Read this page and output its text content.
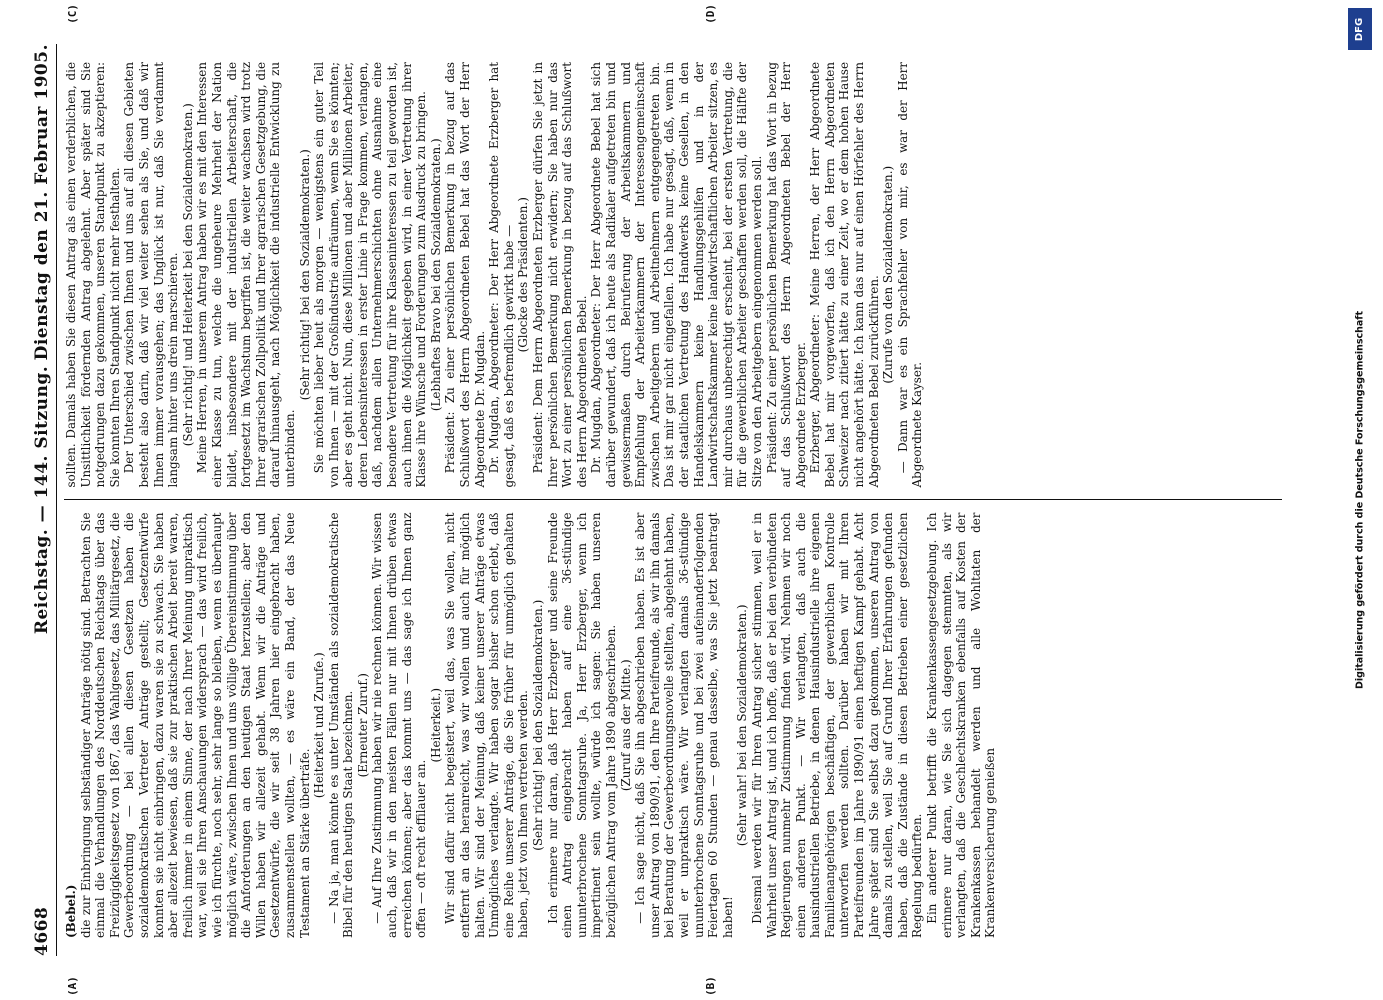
4668
Reichstag. — 144. Sitzung.
Dienstag den 21. Februar 1905.
(A)	(B)

(Bebel.) die zur Einbringung selbständiger Anträge nötig sind. Betrachten Sie einmal die Verhandlungen des Norddeutschen Reichstags über das Freizügigkeitsgesetz von 1867, das Wahlgesetz, das Militärgesetz, die Gewerbeordnung — bei allen diesen Gesetzen haben die sozialdemokratischen Vertreter Anträge gestellt; Gesetzentwürfe konnten sie nicht einbringen, dazu waren sie zu schwach. Sie haben aber allezeit bewiesen, daß sie zur praktischen Arbeit bereit waren, freilich immer in einem Sinne, der nach Ihrer Meinung unpraktisch war, weil sie Ihren Anschauungen widersprach — das wird freilich, wie ich fürchte, noch sehr, sehr lange so bleiben, wenn es überhaupt möglich wäre, zwischen Ihnen und uns völlige Übereinstimmung über die Anforderungen an den heutigen Staat herzustellen; aber den Willen haben wir allezeit gehabt. Wenn wir die Anträge und Gesetzentwürfe, die wir seit 38 Jahren hier eingebracht haben, zusammenstellen wollten, — es wäre ein Band, der das Neue Testament an Stärke überträfe.

(Heiterkeit und Zurufe.) — Na ja, man könnte es unter Umständen als sozialdemokratische Bibel für den heutigen Staat bezeichnen. (Erneuter Zuruf.) — Auf Ihre Zustimmung haben wir nie rechnen können. Wir wissen auch, daß wir in den meisten Fällen nur mit Ihnen drüben etwas erreichen können; aber das kommt uns — das sage ich Ihnen ganz offen — oft recht effilauer an.

(Heiterkeit.) Wir sind dafür nicht begeistert, weil das, was Sie wollen, nicht entfernt an das heranreicht, was wir wollen und auch für möglich halten. Wir sind der Meinung, daß keiner unserer Anträge etwas Unmögliches verlangte. Wir haben sogar bisher schon erlebt, daß eine Reihe unserer Anträge, die Sie früher für unmöglich gehalten haben, jetzt von Ihnen vertreten werden. (Sehr richtig! bei den Sozialdemokraten.) Ich erinnere nur daran, daß Herr Erzberger und seine Freunde einen Antrag eingebracht haben auf eine 36-stündige ununterbrochene Sonntagsruhe. Ja, Herr Erzberger, wenn ich impertinent sein wollte, würde ich sagen: Sie haben unseren bezüglichen Antrag vom Jahre 1890 abgeschrieben. (Zuruf aus der Mitte.) — Ich sage nicht, daß Sie ihn abgeschrieben haben. Es ist aber unser Antrag von 1890/91, den Ihre Parteifreunde, als wir ihn damals bei Beratung der Gewerbeordnungsnovelle stellten, abgelehnt haben, weil er unpraktisch wäre. Wir verlangten damals 36-stündige ununterbrochene Sonntagsruhe und bei zwei aufeinanderfolgenden Feiertagen 60 Stunden — genau dasselbe, was Sie jetzt beantragt haben!

(Sehr wahr! bei den Sozialdemokraten.) Diesmal werden wir für Ihren Antrag sicher stimmen, weil er in Wahrheit unser Antrag ist, und ich hoffe, daß er bei den verbündeten Regierungen nunmehr Zustimmung finden wird. Nehmen wir noch einen anderen Punkt. — Wir verlangten, daß auch die hausindustriellen Betriebe, in denen Hausindustrielle ihre eigenen Familienangehörigen beschäftigen, der gewerblichen Kontrolle unterworfen werden sollten. Darüber haben wir mit Ihren Parteifreunden im Jahre 1890/91 einen heftigen Kampf gehabt. Acht Jahre später sind Sie selbst dazu gekommen, unseren Antrag von damals zu stellen, weil Sie auf Grund Ihrer Erfahrungen gefunden haben, daß die Zustände in diesen Betrieben einer gesetzlichen Regelung bedürften. Ein anderer Punkt betrifft die Krankenkassengesetzgebung. Ich erinnere nur daran, wie Sie sich dagegen stemmten, als wir verlangten, daß die Geschlechtskranken ebenfalls auf Kosten der Krankenkassen behandelt werden und alle Wohltaten der Krankenversicherung genießen

(C)	(D)

sollten. Damals haben Sie diesen Antrag als einen verderblichen, die Unsittlichkeit fördernden Antrag abgelehnt. Aber später sind Sie notgedrungen dazu gekommen, unseren Standpunkt zu akzeptieren: Sie konnten Ihren Standpunkt nicht mehr festhalten. Der Unterschied zwischen Ihnen und uns auf all diesen Gebieten besteht also darin, daß wir viel weiter sehen als Sie, und daß wir Ihnen immer vorausgehen; das Unglück ist nur, daß Sie verdammt langsam hinter uns drein marschieren. (Sehr richtig! und Heiterkeit bei den Sozialdemokraten.) Meine Herren, in unserem Antrag haben wir es mit den Interessen einer Klasse zu tun, welche die ungeheure Mehrheit der Nation bildet, insbesondere mit der industriellen Arbeiterschaft, die fortgesetzt im Wachstum begriffen ist, die weiter wachsen wird trotz Ihrer agrarischen Zollpolitik und Ihrer agrarischen Gesetzgebung, die darauf hinausgeht, nach Möglichkeit die industrielle Entwicklung zu unterbinden.

(Sehr richtig! bei den Sozialdemokraten.) Sie möchten lieber heut als morgen — wenigstens ein guter Teil von Ihnen — mit der Großindustrie aufräumen, wenn Sie es könnten; aber es geht nicht. Nun, diese Millionen und aber Millionen Arbeiter, deren Lebensinteressen in erster Linie in Frage kommen, verlangen, daß, nachdem allen Unternehmerschichten ohne Ausnahme eine besondere Vertretung für ihre Klasseninteressen zu teil geworden ist, auch ihnen die Möglichkeit gegeben wird, in einer Vertretung ihrer Klasse ihre Wünsche und Forderungen zum Ausdruck zu bringen. (Lebhaftes Bravo bei den Sozialdemokraten.) Präsident: Zu einer persönlichen Bemerkung in bezug auf das Schlußwort des Herrn Abgeordneten Bebel hat das Wort der Herr Abgeordnete Dr. Mugdan. Dr. Mugdan, Abgeordneter: Der Herr Abgeordnete Erzberger hat gesagt, daß es befremdlich gewirkt habe — (Glocke des Präsidenten.) Präsident: Dem Herrn Abgeordneten Erzberger dürfen Sie jetzt in Ihrer persönlichen Bemerkung nicht erwidern; Sie haben nur das Wort zu einer persönlichen Bemerkung in bezug auf das Schlußwort des Herrn Abgeordneten Bebel. Dr. Mugdan, Abgeordneter: Der Herr Abgeordnete Bebel hat sich darüber gewundert, daß ich heute als Radikaler aufgetreten bin und gewissermaßen durch Beiruferung der Arbeitskammern und Empfehlung der Arbeiterkammern der Interessengemeinschaft zwischen Arbeitgebern und Arbeitnehmern entgegengetreten bin. Das ist mir gar nicht eingefallen. Ich habe nur gesagt, daß, wenn in der staatlichen Vertretung des Handwerks keine Gesellen, in den Handelskammern keine Handlungsgehilfen und in der Landwirtschaftskammer keine landwirtschaftlichen Arbeiter sitzen, es mir durchaus unberechtigt erscheint, bei der ersten Vertretung, die für die gewerblichen Arbeiter geschaffen werden soll, die Hälfte der Sitze von den Arbeitgebern eingenommen werden soll. Präsident: Zu einer persönlichen Bemerkung hat das Wort in bezug auf das Schlußwort des Herrn Abgeordneten Bebel der Herr Abgeordnete Erzberger. Erzberger, Abgeordneter: Meine Herren, der Herr Abgeordnete Bebel hat mir vorgeworfen, daß ich den Herrn Abgeordneten Schweizer nach zitiert hätte zu einer Zeit, wo er dem hohen Hause nicht angehört hätte. Ich kann das nur auf einen Hörfehler des Herrn Abgeordneten Bebel zurückführen. (Zurufe von den Sozialdemokraten.) — Dann war es ein Sprachfehler von mir, es war der Herr Abgeordnete Kayser.

DFG
Digitalisierung gefördert durch die Deutsche Forschungsgemeinschaft
